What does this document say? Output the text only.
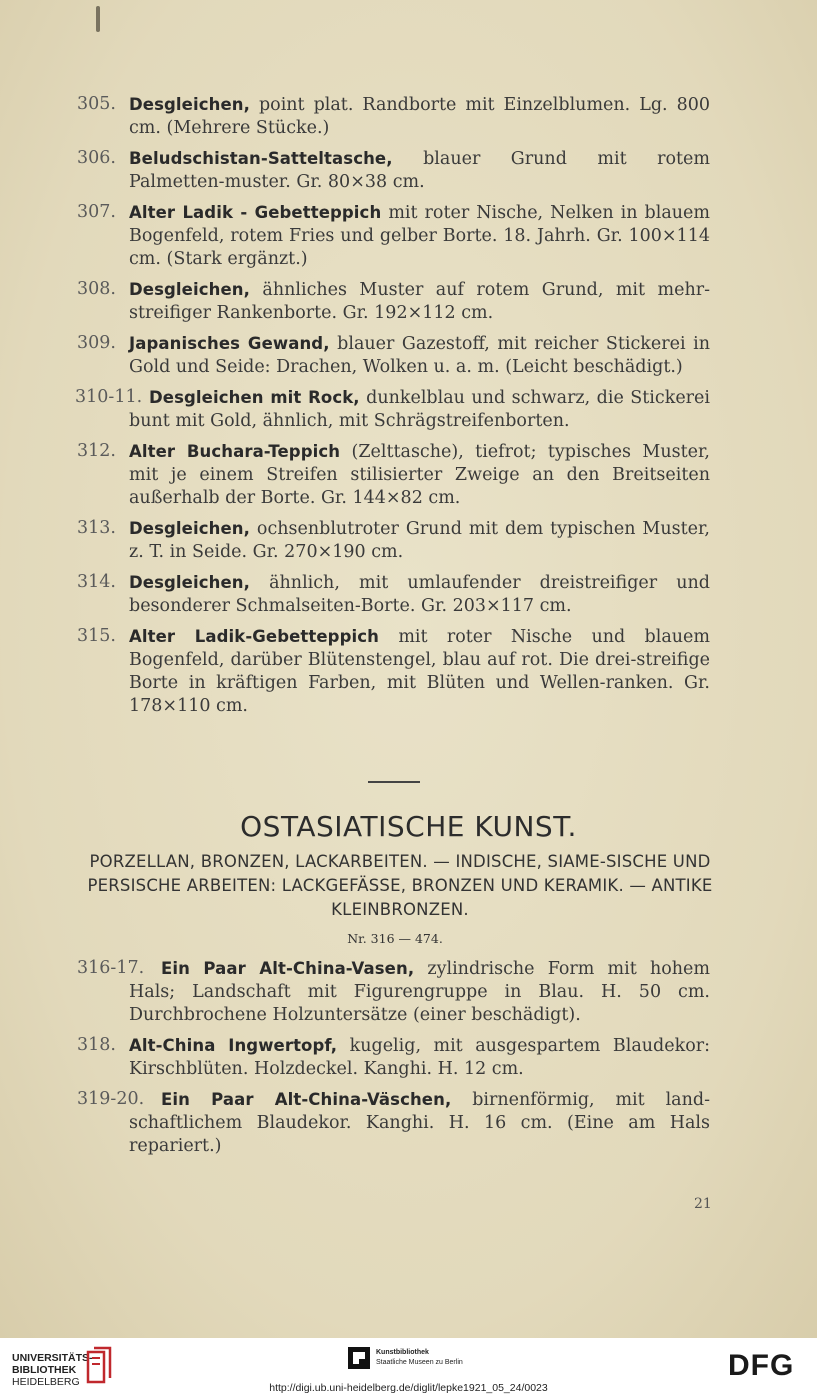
305. Desgleichen, point plat. Randborte mit Einzelblumen. Lg. 800 cm. (Mehrere Stücke.)
306. Beludschistan-Satteltasche, blauer Grund mit rotem Palmetten-muster. Gr. 80×38 cm.
307. Alter Ladik - Gebetteppich mit roter Nische, Nelken in blauem Bogenfeld, rotem Fries und gelber Borte. 18. Jahrh. Gr. 100×114 cm. (Stark ergänzt.)
308. Desgleichen, ähnliches Muster auf rotem Grund, mit mehr-streifiger Rankenborte. Gr. 192×112 cm.
309. Japanisches Gewand, blauer Gazestoff, mit reicher Stickerei in Gold und Seide: Drachen, Wolken u. a. m. (Leicht beschädigt.)
310-11. Desgleichen mit Rock, dunkelblau und schwarz, die Stickerei bunt mit Gold, ähnlich, mit Schrägstreifenborten.
312. Alter Buchara-Teppich (Zelttasche), tiefrot; typisches Muster, mit je einem Streifen stilisierter Zweige an den Breitseiten außerhalb der Borte. Gr. 144×82 cm.
313. Desgleichen, ochsenblutroter Grund mit dem typischen Muster, z. T. in Seide. Gr. 270×190 cm.
314. Desgleichen, ähnlich, mit umlaufender dreistreifiger und besonderer Schmalseiten-Borte. Gr. 203×117 cm.
315. Alter Ladik-Gebetteppich mit roter Nische und blauem Bogenfeld, darüber Blütenstengel, blau auf rot. Die drei-streifige Borte in kräftigen Farben, mit Blüten und Wellen-ranken. Gr. 178×110 cm.
OSTASIATISCHE KUNST.
PORZELLAN, BRONZEN, LACKARBEITEN. — INDISCHE, SIAME-SISCHE UND PERSISCHE ARBEITEN: LACKGEFÄSSE, BRONZEN UND KERAMIK. — ANTIKE KLEINBRONZEN.
Nr. 316 — 474.
316-17. Ein Paar Alt-China-Vasen, zylindrische Form mit hohem Hals; Landschaft mit Figurengruppe in Blau. H. 50 cm. Durchbrochene Holzuntersätze (einer beschädigt).
318. Alt-China Ingwertopf, kugelig, mit ausgespartem Blaudekor: Kirschblüten. Holzdeckel. Kanghi. H. 12 cm.
319-20. Ein Paar Alt-China-Väschen, birnenförmig, mit land-schaftlichem Blaudekor. Kanghi. H. 16 cm. (Eine am Hals repariert.)
21
UNIVERSITÄTS-
BIBLIOTHEK
HEIDELBERG
Kunstbibliothek
Staatliche Museen zu Berlin	DFG
http://digi.ub.uni-heidelberg.de/diglit/lepke1921_05_24/0023
